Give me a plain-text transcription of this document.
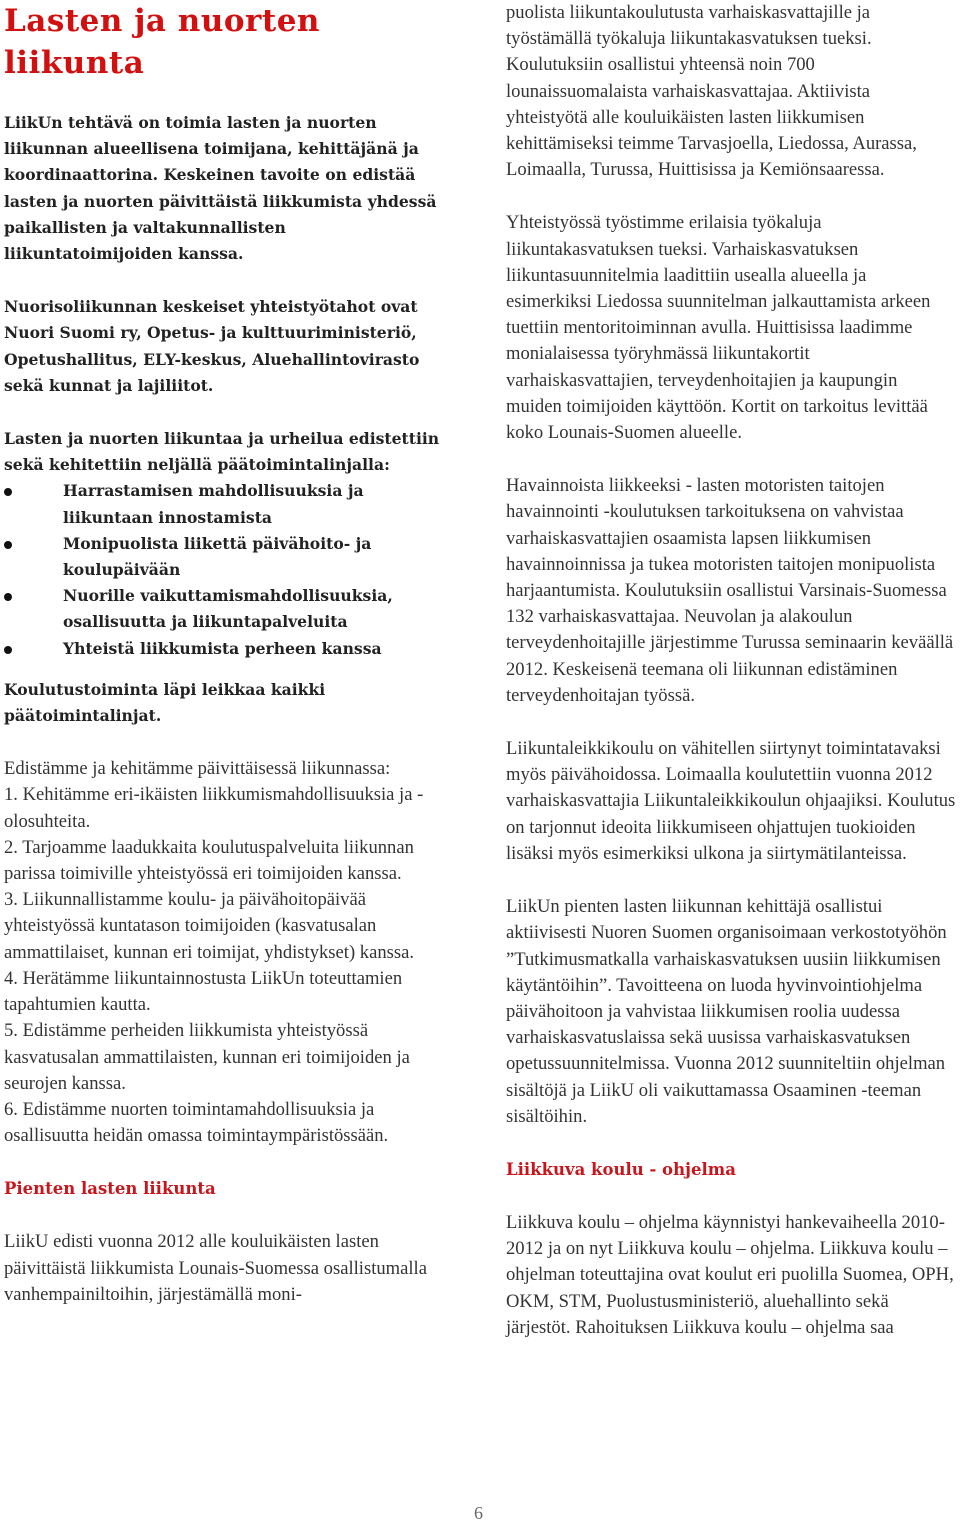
Lasten ja nuorten liikunta

LiikUn tehtävä on toimia lasten ja nuorten liikunnan alueellisena toimijana, kehittäjänä ja koordinaattorina. Keskeinen tavoite on edistää lasten ja nuorten päivittäistä liikkumista yhdessä paikallisten ja valtakunnallisten liikuntatoimijoiden kanssa.

Nuorisoliikunnan keskeiset yhteistyötahot ovat Nuori Suomi ry, Opetus- ja kulttuuriministeriö, Opetushallitus, ELY-keskus, Aluehallintovirasto sekä kunnat ja lajiliitot.

Lasten ja nuorten liikuntaa ja urheilua edistettiin sekä kehitettiin neljällä päätoimintalinjalla:

Harrastamisen mahdollisuuksia ja liikuntaan innostamista
Monipuolista liikettä päivähoito- ja koulupäivään
Nuorille vaikuttamismahdollisuuksia, osallisuutta ja liikuntapalveluita
Yhteistä liikkumista perheen kanssa

Koulutustoiminta läpi leikkaa kaikki päätoimintalinjat.

Edistämme ja kehitämme päivittäisessä liikunnassa:

1. Kehitämme eri-ikäisten liikkumismahdollisuuksia ja -olosuhteita.
2. Tarjoamme laadukkaita koulutuspalveluita liikunnan parissa toimiville yhteistyössä eri toimijoiden kanssa.
3. Liikunnallistamme koulu- ja päivähoitopäivää yhteistyössä kuntatason toimijoiden (kasvatusalan ammattilaiset, kunnan eri toimijat, yhdistykset) kanssa.
4. Herätämme liikuntainnostusta LiikUn toteuttamien tapahtumien kautta.
5. Edistämme perheiden liikkumista yhteistyössä kasvatusalan ammattilaisten, kunnan eri toimijoiden ja seurojen kanssa.
6. Edistämme nuorten toimintamahdollisuuksia ja osallisuutta heidän omassa toimintaympäristössään.
Pienten lasten liikunta

LiikU edisti vuonna 2012 alle kouluikäisten lasten päivittäistä liikkumista Lounais-Suomessa osallistumalla vanhempainiltoihin, järjestämällä moni-

puolista liikuntakoulutusta varhaiskasvattajille ja työstämällä työkaluja liikuntakasvatuksen tueksi. Koulutuksiin osallistui yhteensä noin 700 lounaissuomalaista varhaiskasvattajaa. Aktiivista yhteistyötä alle kouluikäisten lasten liikkumisen kehittämiseksi teimme Tarvasjoella, Liedossa, Aurassa, Loimaalla, Turussa, Huittisissa ja Kemiönsaaressa.

Yhteistyössä työstimme erilaisia työkaluja liikuntakasvatuksen tueksi. Varhaiskasvatuksen liikuntasuunnitelmia laadittiin usealla alueella ja esimerkiksi Liedossa suunnitelman jalkauttamista arkeen tuettiin mentoritoiminnan avulla. Huittisissa laadimme monialaisessa työryhmässä liikuntakortit varhaiskasvattajien, terveydenhoitajien ja kaupungin muiden toimijoiden käyttöön. Kortit on tarkoitus levittää koko Lounais-Suomen alueelle.

Havainnoista liikkeeksi - lasten motoristen taitojen havainnointi -koulutuksen tarkoituksena on vahvistaa varhaiskasvattajien osaamista lapsen liikkumisen havainnoinnissa ja tukea motoristen taitojen monipuolista harjaantumista. Koulutuksiin osallistui Varsinais-Suomessa 132 varhaiskasvattajaa. Neuvolan ja alakoulun terveydenhoitajille järjestimme Turussa seminaarin keväällä 2012. Keskeisenä teemana oli liikunnan edistäminen terveydenhoitajan työssä.

Liikuntaleikkikoulu on vähitellen siirtynyt toimintatavaksi myös päivähoidossa. Loimaalla koulutettiin vuonna 2012 varhaiskasvattajia Liikuntaleikkikoulun ohjaajiksi. Koulutus on tarjonnut ideoita liikkumiseen ohjattujen tuokioiden lisäksi myös esimerkiksi ulkona ja siirtymätilanteissa.

LiikUn pienten lasten liikunnan kehittäjä osallistui aktiivisesti Nuoren Suomen organisoimaan verkostotyöhön ”Tutkimusmatkalla varhaiskasvatuksen uusiin liikkumisen käytäntöihin”. Tavoitteena on luoda hyvinvointiohjelma päivähoitoon ja vahvistaa liikkumisen roolia uudessa varhaiskasvatuslaissa sekä uusissa varhaiskasvatuksen opetussuunnitelmissa. Vuonna 2012 suunniteltiin ohjelman sisältöjä ja LiikU oli vaikuttamassa Osaaminen -teeman sisältöihin.

Liikkuva koulu - ohjelma

Liikkuva koulu – ohjelma käynnistyi hankevaiheella 2010-2012 ja on nyt Liikkuva koulu – ohjelma. Liikkuva koulu –ohjelman toteuttajina ovat koulut eri puolilla Suomea, OPH, OKM, STM, Puolustusministeriö, aluehallinto sekä järjestöt. Rahoituksen Liikkuva koulu – ohjelma saa

6
